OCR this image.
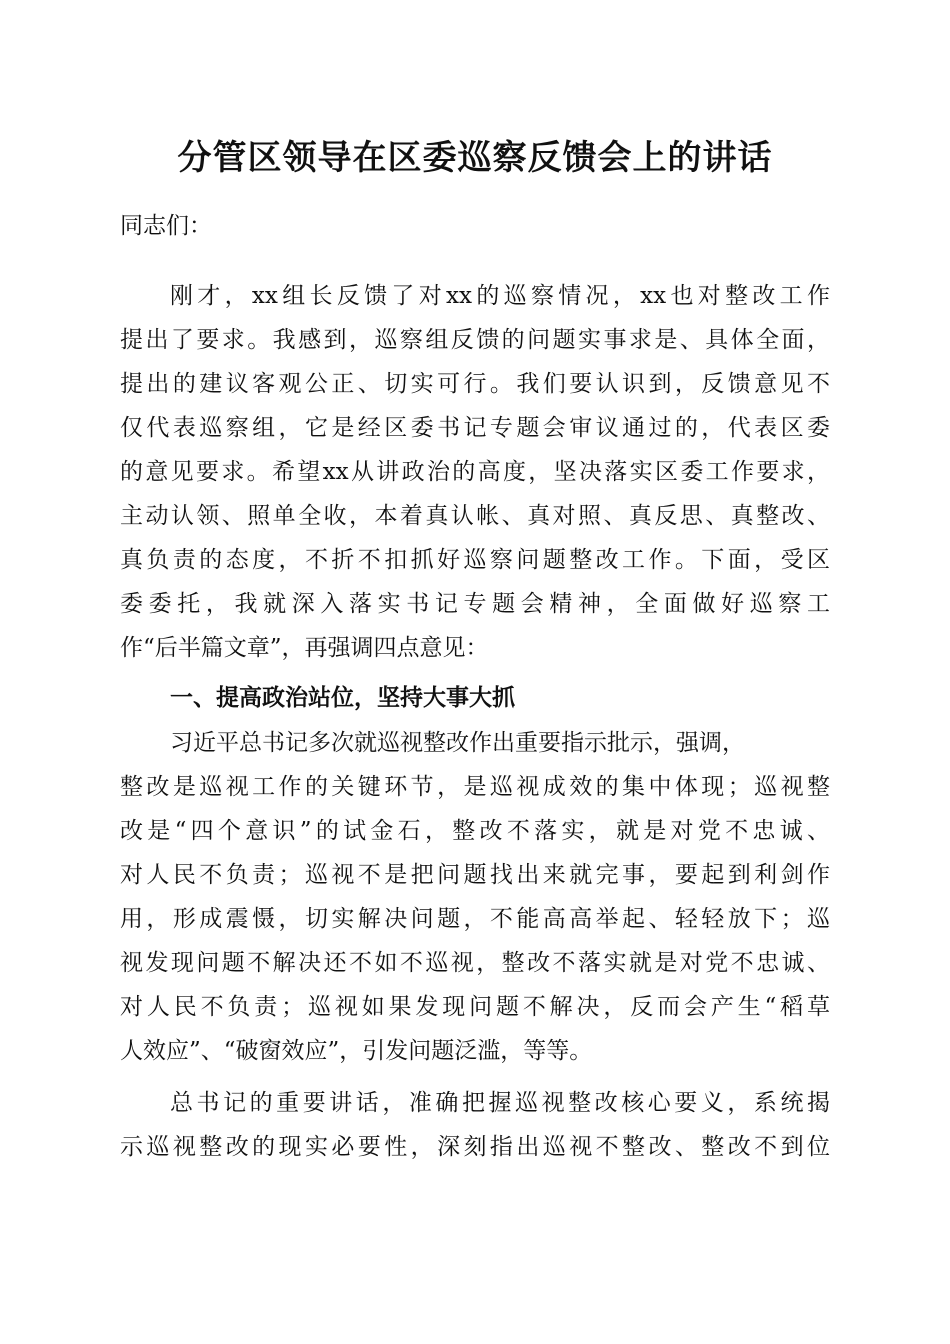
分管区领导在区委巡察反馈会上的讲话

同志们：

刚才，xx组长反馈了对xx的巡察情况，xx也对整改工作

提出了要求。我感到，巡察组反馈的问题实事求是、具体全面，

提出的建议客观公正、切实可行。我们要认识到，反馈意见不

仅代表巡察组，它是经区委书记专题会审议通过的，代表区委

的意见要求。希望xx从讲政治的高度，坚决落实区委工作要求，

主动认领、照单全收，本着真认帐、真对照、真反思、真整改、

真负责的态度，不折不扣抓好巡察问题整改工作。下面，受区

委委托，我就深入落实书记专题会精神，全面做好巡察工

作“后半篇文章”，再强调四点意见：

一、提高政治站位，坚持大事大抓

习近平总书记多次就巡视整改作出重要指示批示，强调，

整改是巡视工作的关键环节，是巡视成效的集中体现；巡视整

改是“四个意识”的试金石，整改不落实，就是对党不忠诚、

对人民不负责；巡视不是把问题找出来就完事，要起到利剑作

用，形成震慑，切实解决问题，不能高高举起、轻轻放下；巡

视发现问题不解决还不如不巡视，整改不落实就是对党不忠诚、

对人民不负责；巡视如果发现问题不解决，反而会产生“稻草

人效应”、“破窗效应”，引发问题泛滥，等等。

总书记的重要讲话，准确把握巡视整改核心要义，系统揭

示巡视整改的现实必要性，深刻指出巡视不整改、整改不到位
